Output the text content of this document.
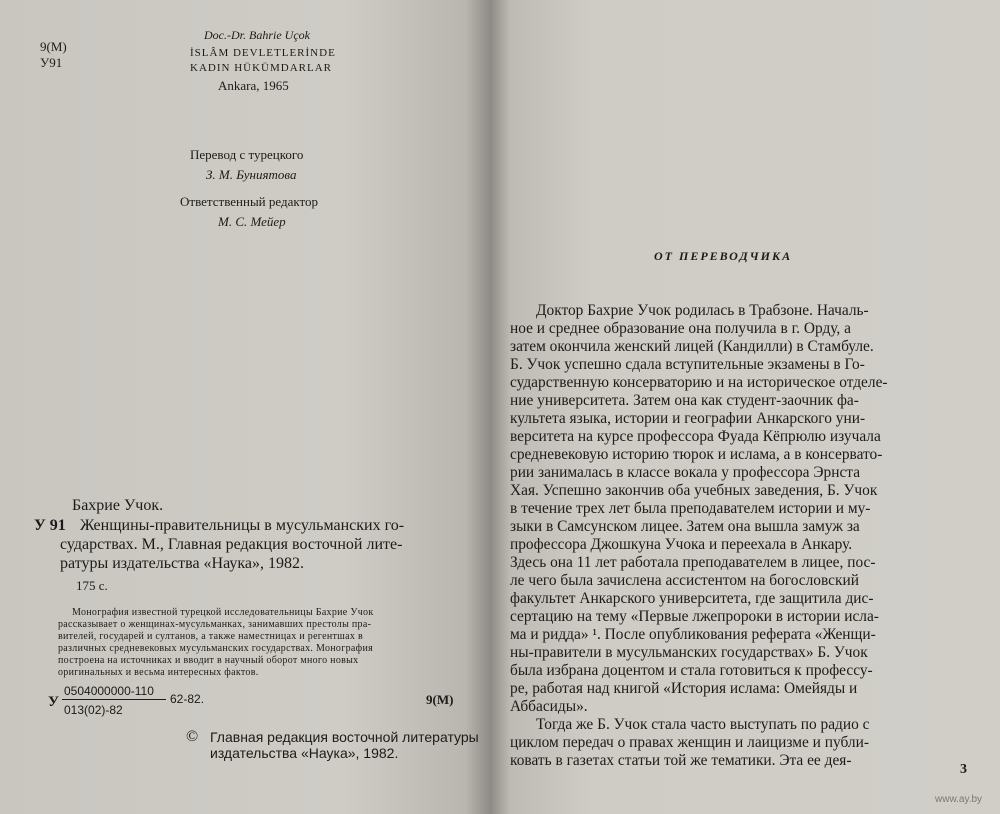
9(М)
У91
Doc.-Dr. Bahrie Uçok
İSLÂM DEVLETLERİNDE
KADIN HÜKÜMDARLAR
Ankara, 1965
Перевод с турецкого
З. М. Буниятова
Ответственный редактор
М. С. Мейер
Бахрие Учок.
У 91 Женщины-правительницы в мусульманских го-
сударствах. М., Главная редакция восточной лите-
ратуры издательства «Наука», 1982.
175 с.
Монография известной турецкой исследовательницы Бахрие Учок
рассказывает о женщинах-мусульманках, занимавших престолы пра-
вителей, государей и султанов, а также наместницах и регентшах в
различных средневековых мусульманских государствах. Монография
построена на источниках и вводит в научный оборот много новых
оригинальных и весьма интересных фактов.
У
0504000000-110
013(02)-82
62-82.	9(М)
© Главная редакция восточной литературы
издательства «Наука», 1982.
ОТ ПЕРЕВОДЧИКА
Доктор Бахрие Учок родилась в Трабзоне. Началь-
ное и среднее образование она получила в г. Орду, а
затем окончила женский лицей (Кандилли) в Стамбуле.
Б. Учок успешно сдала вступительные экзамены в Го-
сударственную консерваторию и на историческое отделе-
ние университета. Затем она как студент-заочник фа-
культета языка, истории и географии Анкарского уни-
верситета на курсе профессора Фуада Кёпрюлю изучала
средневековую историю тюрок и ислама, а в консервато-
рии занималась в классе вокала у профессора Эрнста
Хая. Успешно закончив оба учебных заведения, Б. Учок
в течение трех лет была преподавателем истории и му-
зыки в Самсунском лицее. Затем она вышла замуж за
профессора Джошкуна Учока и переехала в Анкару.
Здесь она 11 лет работала преподавателем в лицее, пос-
ле чего была зачислена ассистентом на богословский
факультет Анкарского университета, где защитила дис-
сертацию на тему «Первые лжепророки в истории исла-
ма и ридда» ¹. После опубликования реферата «Женщи-
ны-правители в мусульманских государствах» Б. Учок
была избрана доцентом и стала готовиться к профессу-
ре, работая над книгой «История ислама: Омейяды и
Аббасиды».
Тогда же Б. Учок стала часто выступать по радио с
циклом передач о правах женщин и лаицизме и публи-
ковать в газетах статьи той же тематики. Эта ее дея-
3
www.ay.by
